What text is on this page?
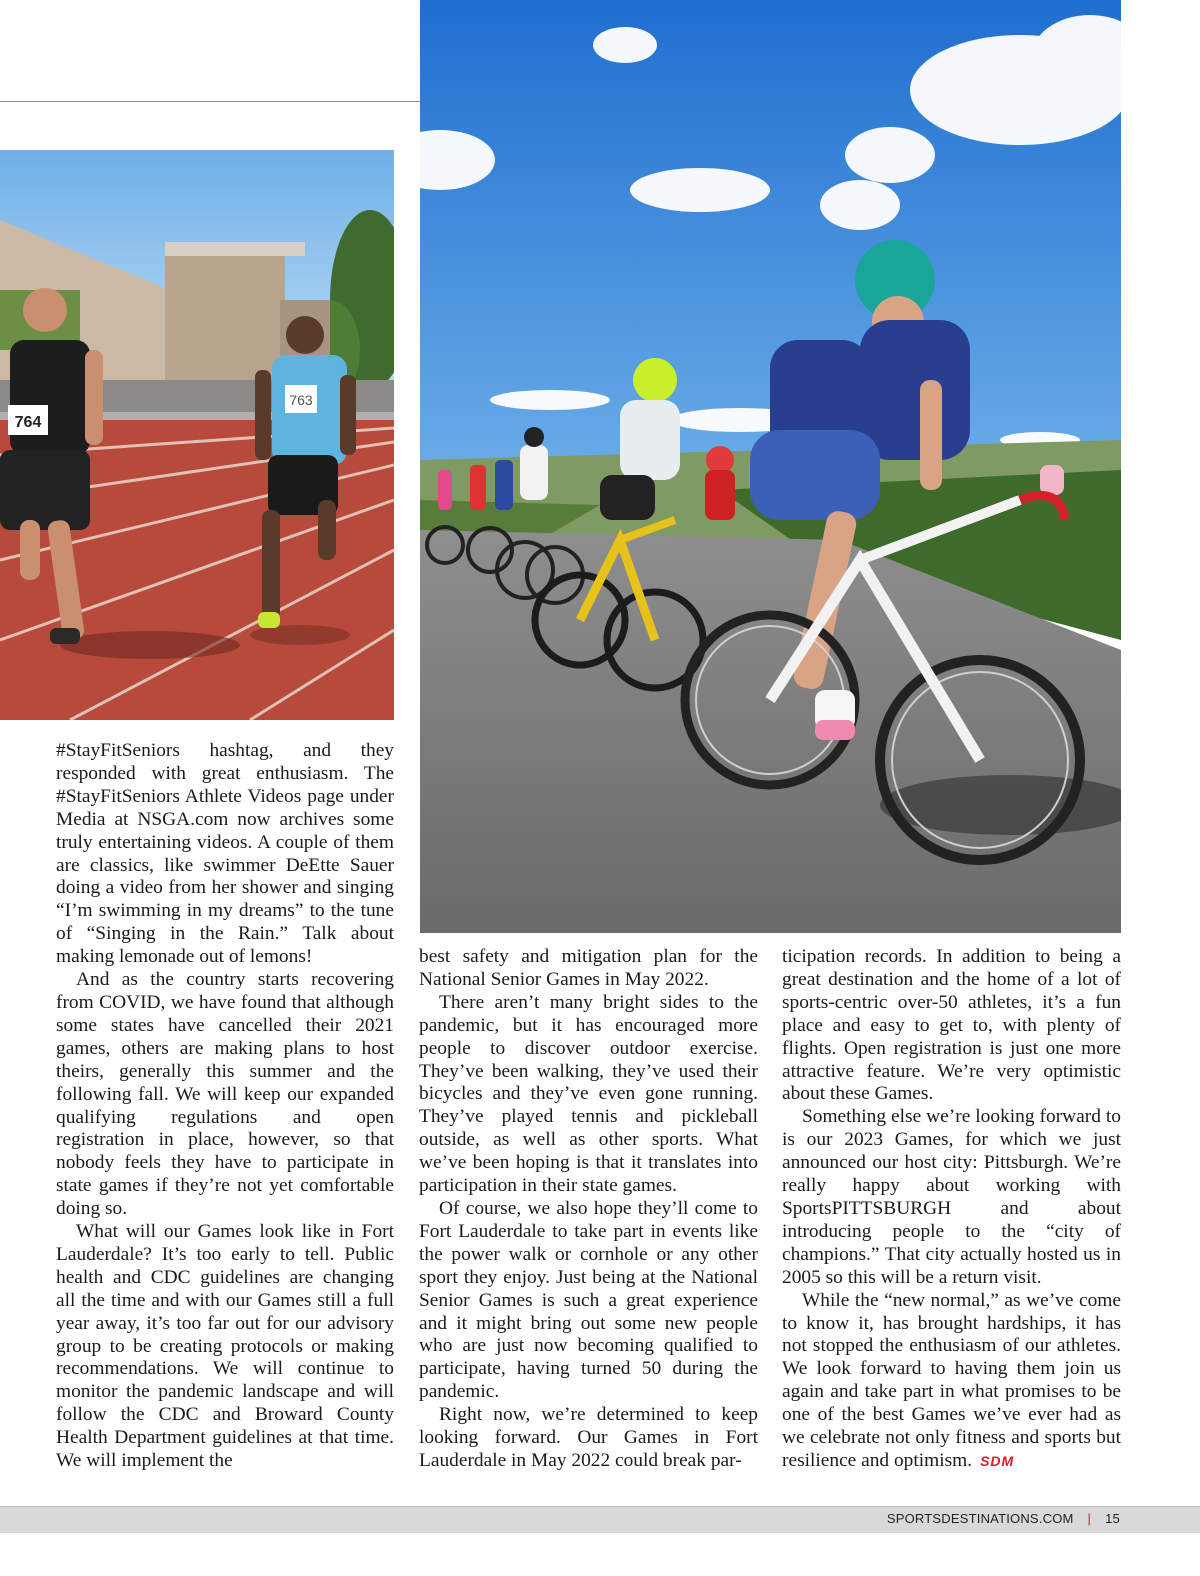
764
763

#StayFitSeniors hashtag, and they responded with great enthusiasm. The #StayFitSeniors Athlete Videos page under Media at NSGA.com now archives some truly entertaining videos. A couple of them are classics, like swimmer DeEtte Sauer doing a video from her shower and singing “I’m swimming in my dreams” to the tune of “Singing in the Rain.” Talk about making lemonade out of lemons!

And as the country starts recovering from COVID, we have found that although some states have cancelled their 2021 games, others are making plans to host theirs, generally this summer and the following fall. We will keep our expanded qualifying regulations and open registration in place, however, so that nobody feels they have to participate in state games if they’re not yet comfortable doing so.

What will our Games look like in Fort Lauderdale? It’s too early to tell. Public health and CDC guidelines are changing all the time and with our Games still a full year away, it’s too far out for our advisory group to be creating protocols or making recommendations. We will continue to monitor the pandemic landscape and will follow the CDC and Broward County Health Department guidelines at that time. We will implement the

best safety and mitigation plan for the National Senior Games in May 2022.

There aren’t many bright sides to the pandemic, but it has encouraged more people to discover outdoor exercise. They’ve been walking, they’ve used their bicycles and they’ve even gone running. They’ve played tennis and pickleball outside, as well as other sports. What we’ve been hoping is that it translates into participation in their state games.

Of course, we also hope they’ll come to Fort Lauderdale to take part in events like the power walk or cornhole or any other sport they enjoy. Just being at the National Senior Games is such a great experience and it might bring out some new people who are just now becoming qualified to participate, having turned 50 during the pandemic.

Right now, we’re determined to keep looking forward. Our Games in Fort Lauderdale in May 2022 could break par-

ticipation records. In addition to being a great destination and the home of a lot of sports-centric over-50 athletes, it’s a fun place and easy to get to, with plenty of flights. Open registration is just one more attractive feature. We’re very optimistic about these Games.

Something else we’re looking forward to is our 2023 Games, for which we just announced our host city: Pittsburgh. We’re really happy about working with SportsPITTSBURGH and about introducing people to the “city of champions.” That city actually hosted us in 2005 so this will be a return visit.

While the “new normal,” as we’ve come to know it, has brought hardships, it has not stopped the enthusiasm of our athletes. We look forward to having them join us again and take part in what promises to be one of the best Games we’ve ever had as we celebrate not only fitness and sports but resilience and optimism. SDM

SPORTSDESTINATIONS.COM | 15
